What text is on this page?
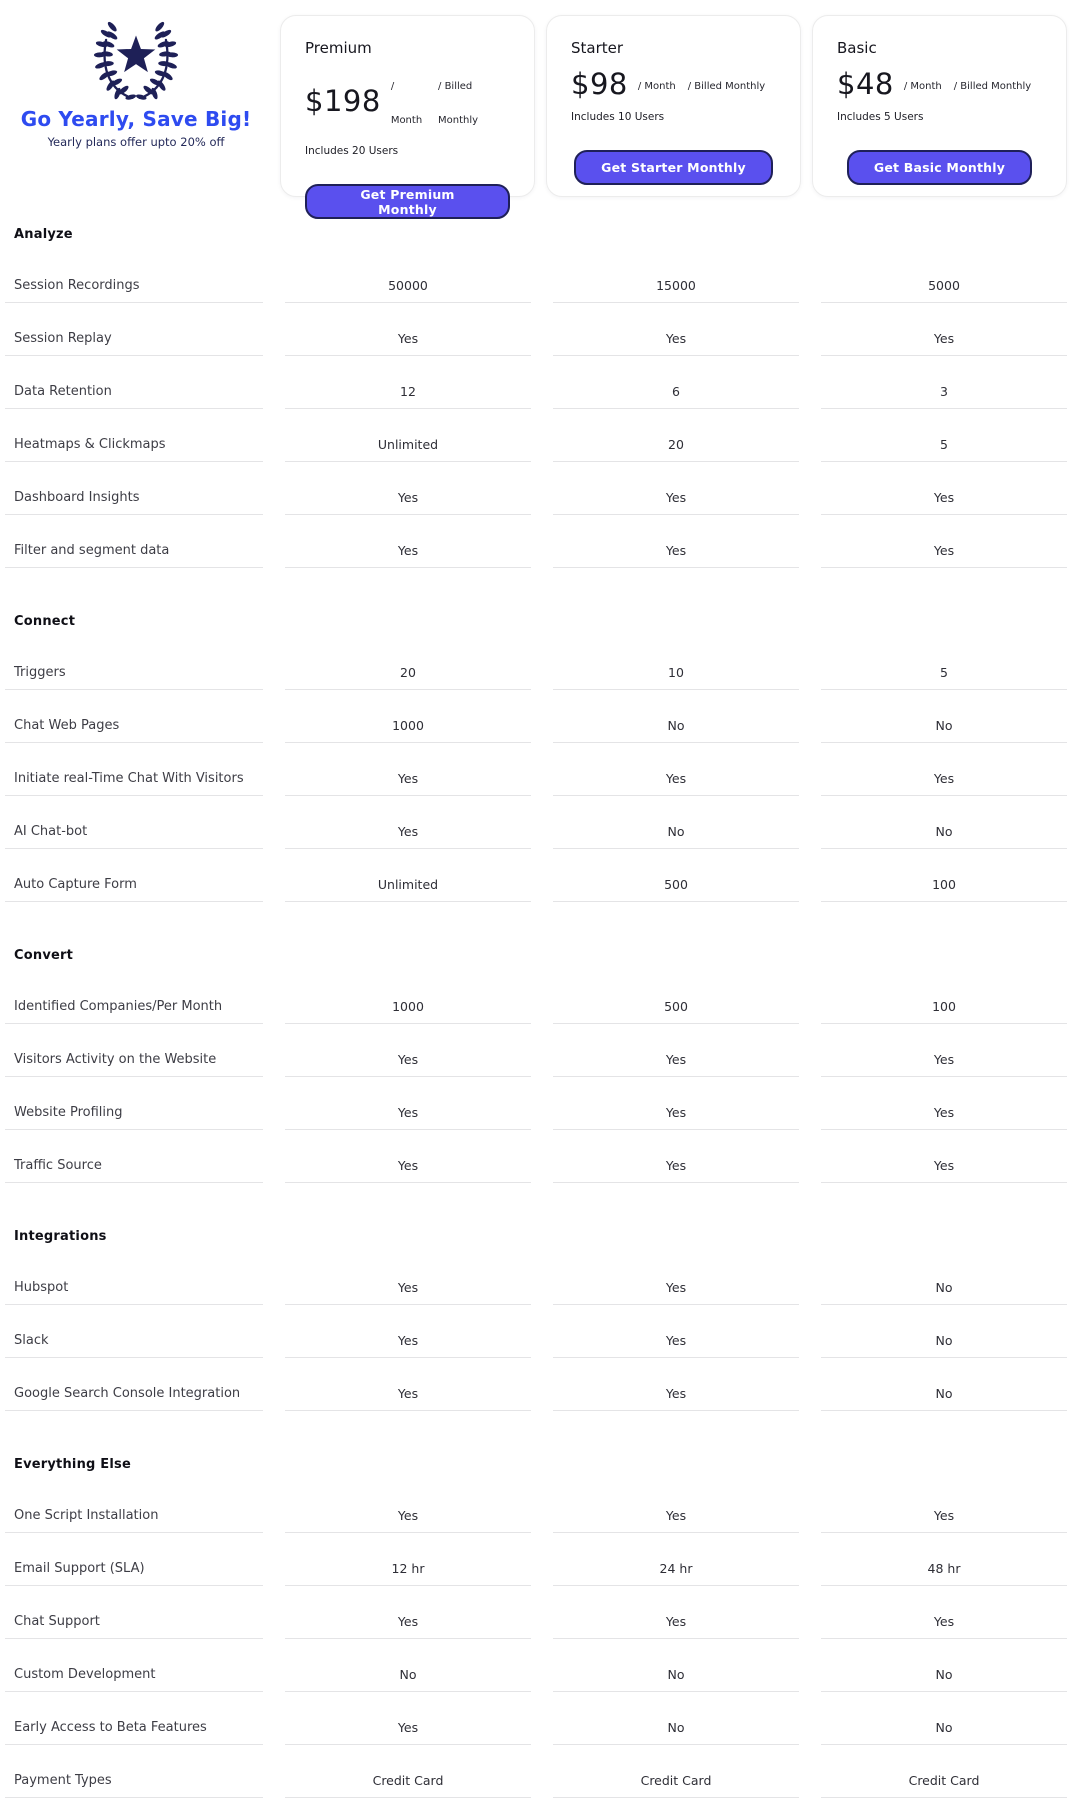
Go Yearly, Save Big!
Yearly plans offer upto 20% off
Premium
$198 / Month
/ Billed Monthly
Includes 20 Users
Get Premium Monthly
Starter
$98 / Month / Billed Monthly
Includes 10 Users
Get Starter Monthly
Basic
$48 / Month / Billed Monthly
Includes 5 Users
Get Basic Monthly
Analyze
Session Recordings	50000	15000	5000
Session Replay	Yes	Yes	Yes
Data Retention	12	6	3
Heatmaps & Clickmaps	Unlimited	20	5
Dashboard Insights	Yes	Yes	Yes
Filter and segment data	Yes	Yes	Yes
Connect
Triggers	20	10	5
Chat Web Pages	1000	No	No
Initiate real-Time Chat With Visitors	Yes	Yes	Yes
AI Chat-bot	Yes	No	No
Auto Capture Form	Unlimited	500	100
Convert
Identified Companies/Per Month	1000	500	100
Visitors Activity on the Website	Yes	Yes	Yes
Website Profiling	Yes	Yes	Yes
Traffic Source	Yes	Yes	Yes
Integrations
Hubspot	Yes	Yes	No
Slack	Yes	Yes	No
Google Search Console Integration	Yes	Yes	No
Everything Else
One Script Installation	Yes	Yes	Yes
Email Support (SLA)	12 hr	24 hr	48 hr
Chat Support	Yes	Yes	Yes
Custom Development	No	No	No
Early Access to Beta Features	Yes	No	No
Payment Types	Credit Card	Credit Card	Credit Card
